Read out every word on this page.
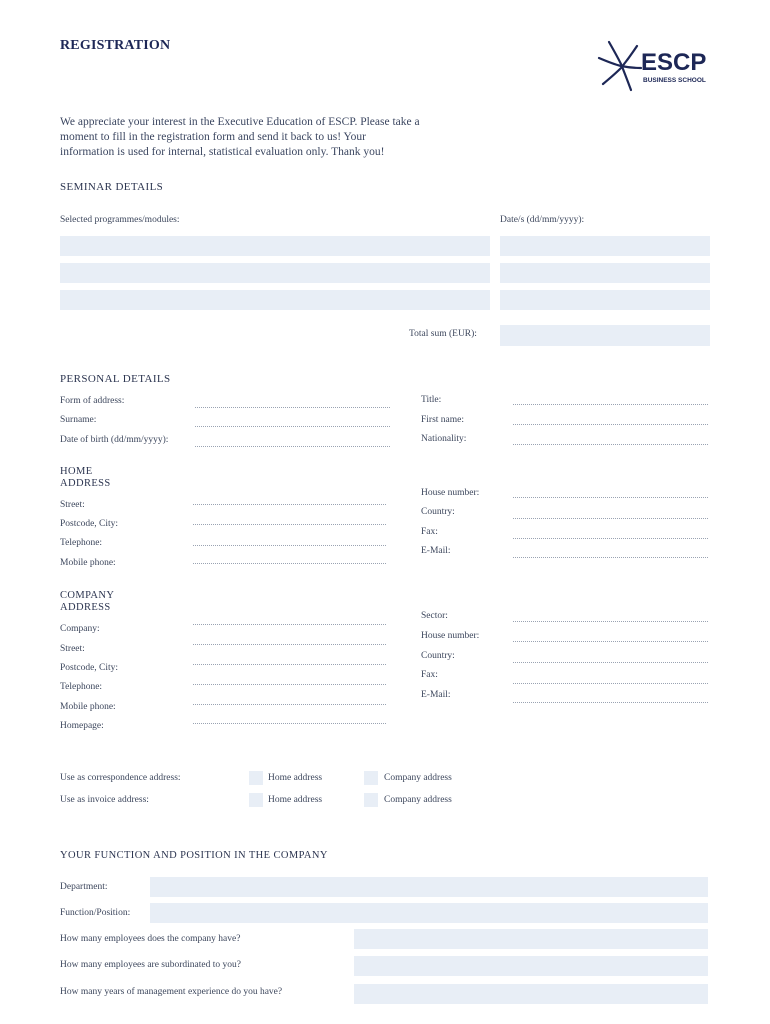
REGISTRATION
ESCP
BUSINESS SCHOOL
We appreciate your interest in the Executive Education of ESCP. Please take a
moment to fill in the registration form and send it back to us! Your
information is used for internal, statistical evaluation only. Thank you!
SEMINAR DETAILS
Selected programmes/modules:	Date/s (dd/mm/yyyy):
Total sum (EUR):
PERSONAL DETAILS
Form of address:
Surname:
Date of birth (dd/mm/yyyy):
Title:
First name:
Nationality:
HOME
ADDRESS
Street:
Postcode, City:
Telephone:
Mobile phone:
House number:
Country:
Fax:
E-Mail:
COMPANY
ADDRESS
Company:
Street:
Postcode, City:
Telephone:
Mobile phone:
Homepage:
Sector:
House number:
Country:
Fax:
E-Mail:
Use as correspondence address:	Home address	Company address
Use as invoice address:	Home address	Company address
YOUR FUNCTION AND POSITION IN THE COMPANY
Department:
Function/Position:
How many employees does the company have?
How many employees are subordinated to you?
How many years of management experience do you have?
